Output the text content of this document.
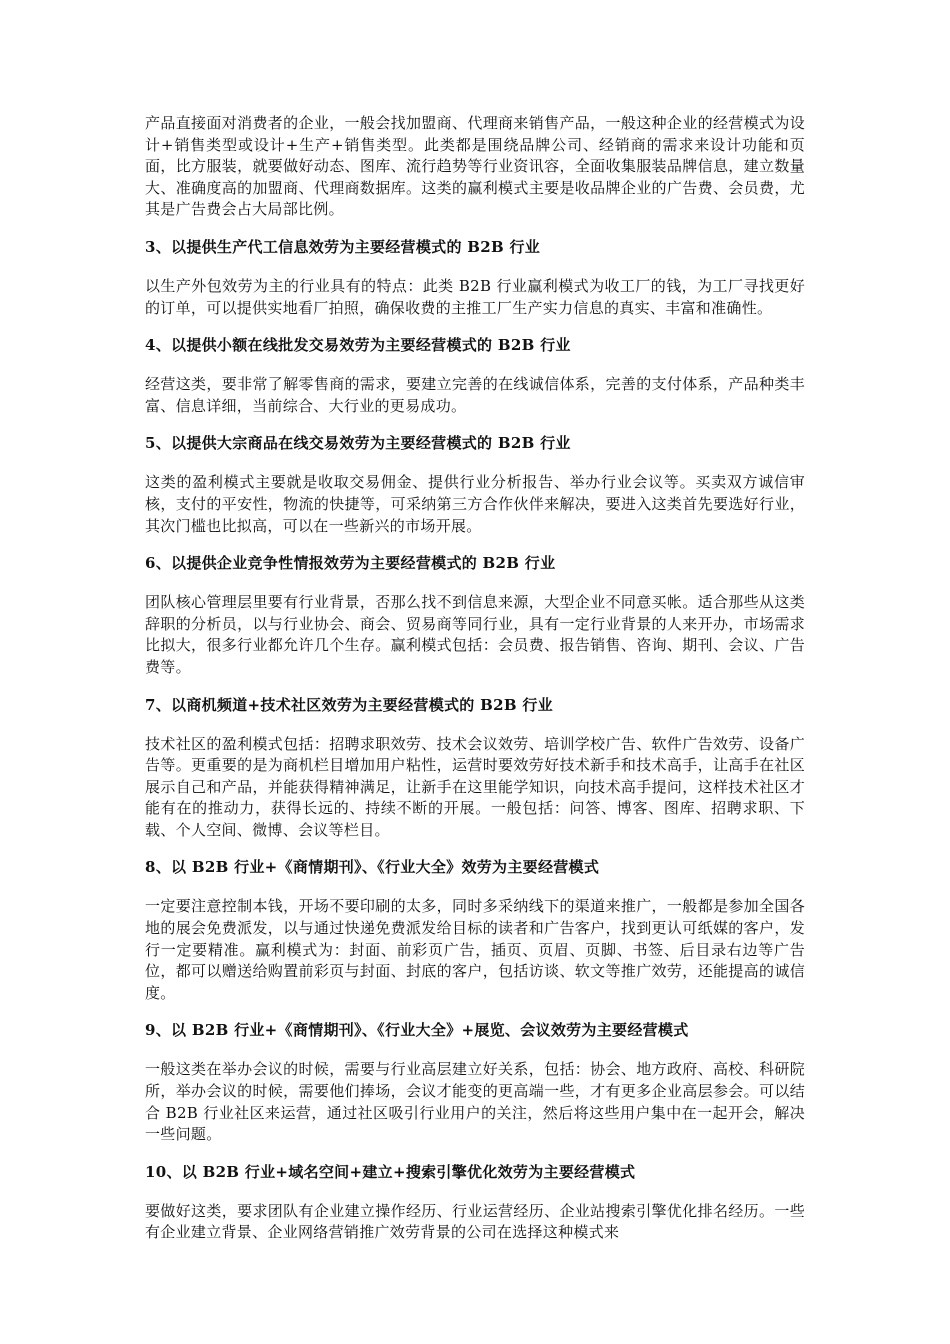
产品直接面对消费者的企业，一般会找加盟商、代理商来销售产品，一般这种企业的经营模式为设计+销售类型或设计+生产+销售类型。此类都是围绕品牌公司、经销商的需求来设计功能和页面，比方服装，就要做好动态、图库、流行趋势等行业资讯容，全面收集服装品牌信息，建立数量大、准确度高的加盟商、代理商数据库。这类的赢利模式主要是收品牌企业的广告费、会员费，尤其是广告费会占大局部比例。

3、以提供生产代工信息效劳为主要经营模式的 B2B 行业

以生产外包效劳为主的行业具有的特点：此类 B2B 行业赢利模式为收工厂的钱，为工厂寻找更好的订单，可以提供实地看厂拍照，确保收费的主推工厂生产实力信息的真实、丰富和准确性。

4、以提供小额在线批发交易效劳为主要经营模式的 B2B 行业

经营这类，要非常了解零售商的需求，要建立完善的在线诚信体系，完善的支付体系，产品种类丰富、信息详细，当前综合、大行业的更易成功。

5、以提供大宗商品在线交易效劳为主要经营模式的 B2B 行业

这类的盈利模式主要就是收取交易佣金、提供行业分析报告、举办行业会议等。买卖双方诚信审核，支付的平安性，物流的快捷等，可采纳第三方合作伙伴来解决，要进入这类首先要选好行业，其次门槛也比拟高，可以在一些新兴的市场开展。

6、以提供企业竞争性情报效劳为主要经营模式的 B2B 行业

团队核心管理层里要有行业背景，否那么找不到信息来源，大型企业不同意买帐。适合那些从这类辞职的分析员，以与行业协会、商会、贸易商等同行业，具有一定行业背景的人来开办，市场需求比拟大，很多行业都允许几个生存。赢利模式包括：会员费、报告销售、咨询、期刊、会议、广告费等。

7、以商机频道+技术社区效劳为主要经营模式的 B2B 行业

技术社区的盈利模式包括：招聘求职效劳、技术会议效劳、培训学校广告、软件广告效劳、设备广告等。更重要的是为商机栏目增加用户粘性，运营时要效劳好技术新手和技术高手，让高手在社区展示自己和产品，并能获得精神满足，让新手在这里能学知识，向技术高手提问，这样技术社区才能有在的推动力，获得长远的、持续不断的开展。一般包括：问答、博客、图库、招聘求职、下载、个人空间、微博、会议等栏目。

8、以 B2B 行业+《商情期刊》、《行业大全》效劳为主要经营模式

一定要注意控制本钱，开场不要印刷的太多，同时多采纳线下的渠道来推广，一般都是参加全国各地的展会免费派发，以与通过快递免费派发给目标的读者和广告客户，找到更认可纸媒的客户，发行一定要精准。赢利模式为：封面、前彩页广告，插页、页眉、页脚、书签、后目录右边等广告位，都可以赠送给购置前彩页与封面、封底的客户，包括访谈、软文等推广效劳，还能提高的诚信度。

9、以 B2B 行业+《商情期刊》、《行业大全》+展览、会议效劳为主要经营模式

一般这类在举办会议的时候，需要与行业高层建立好关系，包括：协会、地方政府、高校、科研院所，举办会议的时候，需要他们捧场，会议才能变的更高端一些，才有更多企业高层参会。可以结合 B2B 行业社区来运营，通过社区吸引行业用户的关注，然后将这些用户集中在一起开会，解决一些问题。

10、以 B2B 行业+域名空间+建立+搜索引擎优化效劳为主要经营模式

要做好这类，要求团队有企业建立操作经历、行业运营经历、企业站搜索引擎优化排名经历。一些有企业建立背景、企业网络营销推广效劳背景的公司在选择这种模式来
